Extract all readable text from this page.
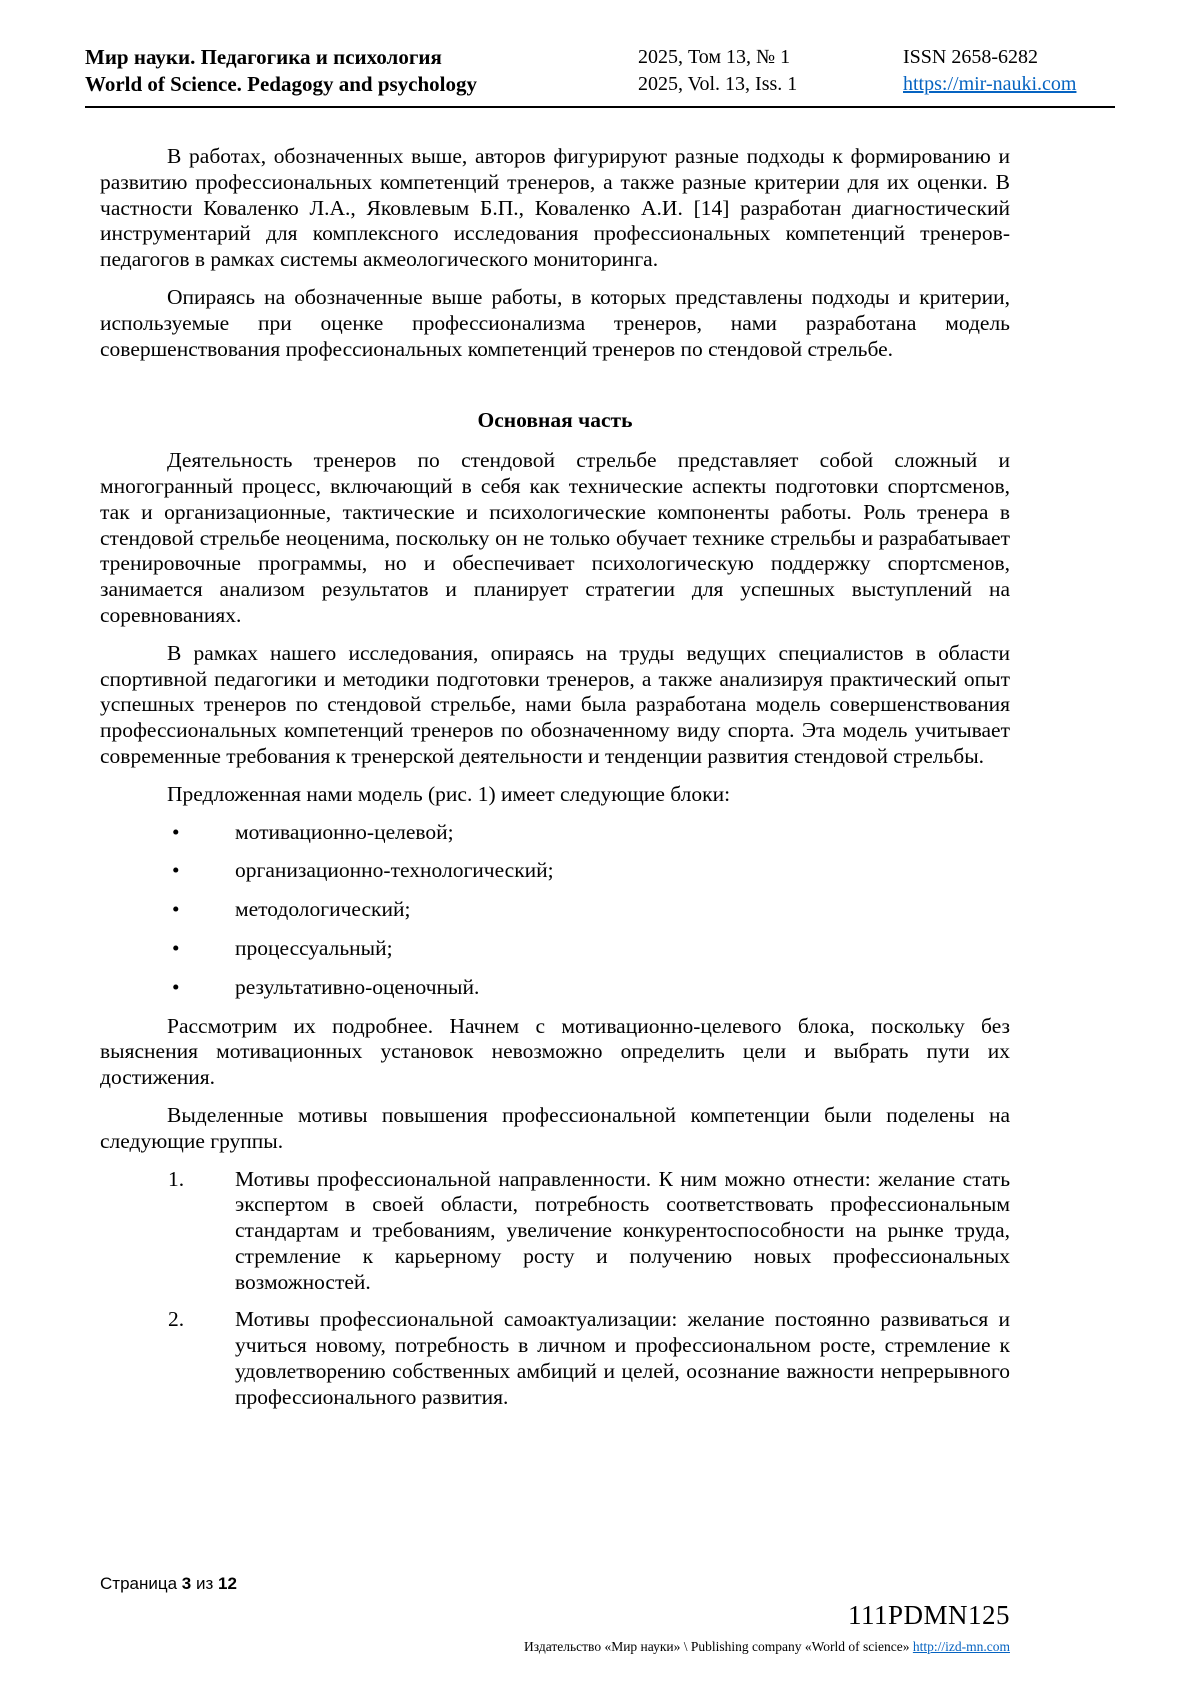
Мир науки. Педагогика и психология
World of Science. Pedagogy and psychology
2025, Том 13, № 1
2025, Vol. 13, Iss. 1
ISSN 2658-6282
https://mir-nauki.com

В работах, обозначенных выше, авторов фигурируют разные подходы к формированию и развитию профессиональных компетенций тренеров, а также разные критерии для их оценки. В частности Коваленко Л.А., Яковлевым Б.П., Коваленко А.И. [14] разработан диагностический инструментарий для комплексного исследования профессиональных компетенций тренеров-педагогов в рамках системы акмеологического мониторинга.

Опираясь на обозначенные выше работы, в которых представлены подходы и критерии, используемые при оценке профессионализма тренеров, нами разработана модель совершенствования профессиональных компетенций тренеров по стендовой стрельбе.

Основная часть

Деятельность тренеров по стендовой стрельбе представляет собой сложный и многогранный процесс, включающий в себя как технические аспекты подготовки спортсменов, так и организационные, тактические и психологические компоненты работы. Роль тренера в стендовой стрельбе неоценима, поскольку он не только обучает технике стрельбы и разрабатывает тренировочные программы, но и обеспечивает психологическую поддержку спортсменов, занимается анализом результатов и планирует стратегии для успешных выступлений на соревнованиях.

В рамках нашего исследования, опираясь на труды ведущих специалистов в области спортивной педагогики и методики подготовки тренеров, а также анализируя практический опыт успешных тренеров по стендовой стрельбе, нами была разработана модель совершенствования профессиональных компетенций тренеров по обозначенному виду спорта. Эта модель учитывает современные требования к тренерской деятельности и тенденции развития стендовой стрельбы.

Предложенная нами модель (рис. 1) имеет следующие блоки:

•	мотивационно-целевой;
•	организационно-технологический;
•	методологический;
•	процессуальный;
•	результативно-оценочный.

Рассмотрим их подробнее. Начнем с мотивационно-целевого блока, поскольку без выяснения мотивационных установок невозможно определить цели и выбрать пути их достижения.

Выделенные мотивы повышения профессиональной компетенции были поделены на следующие группы.

1. Мотивы профессиональной направленности. К ним можно отнести: желание стать экспертом в своей области, потребность соответствовать профессиональным стандартам и требованиям, увеличение конкурентоспособности на рынке труда, стремление к карьерному росту и получению новых профессиональных возможностей.
2. Мотивы профессиональной самоактуализации: желание постоянно развиваться и учиться новому, потребность в личном и профессиональном росте, стремление к удовлетворению собственных амбиций и целей, осознание важности непрерывного профессионального развития.
Страница 3 из 12
111PDMN125
Издательство «Мир науки» \ Publishing company «World of science» http://izd-mn.com
